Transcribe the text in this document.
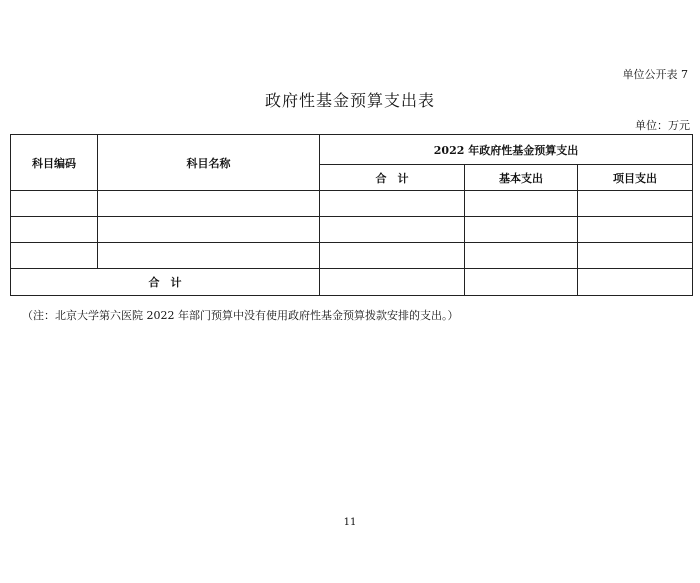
单位公开表 7
政府性基金预算支出表
单位：万元
科目编码	科目名称	2022 年政府性基金预算支出		
		合　计	基本支出	项目支出

合　计				
（注：北京大学第六医院 2022 年部门预算中没有使用政府性基金预算拨款安排的支出。）
11
